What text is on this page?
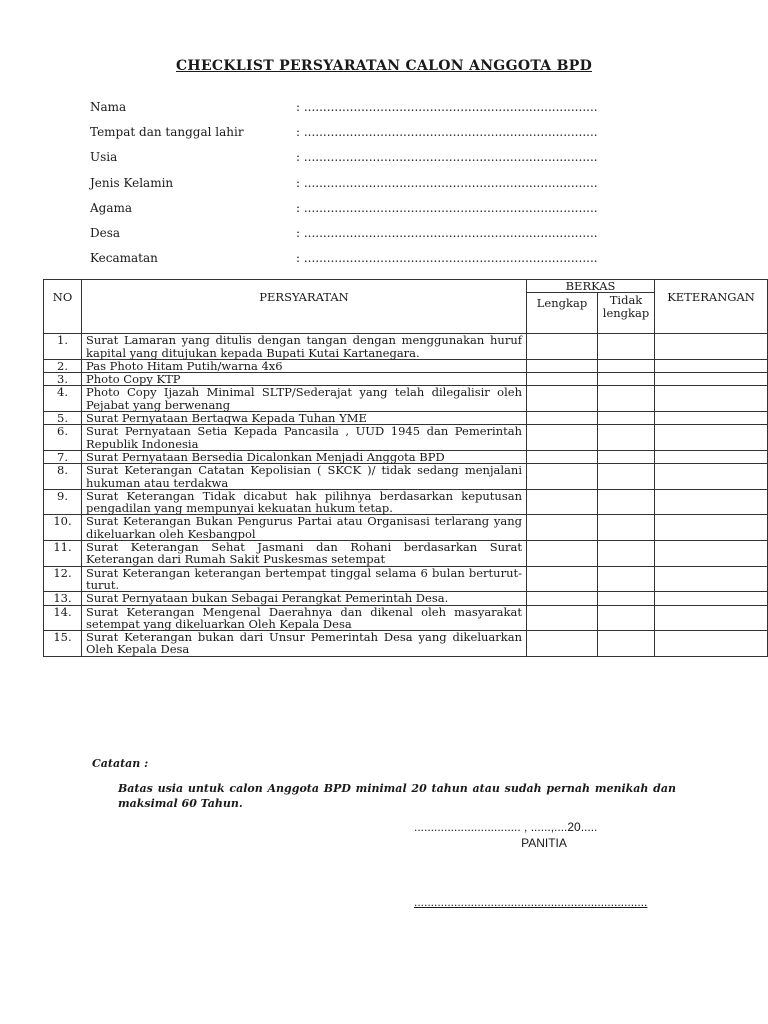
CHECKLIST PERSYARATAN CALON ANGGOTA BPD
Nama	: .............................................................................
Tempat dan tanggal lahir	: .............................................................................
Usia	: .............................................................................
Jenis Kelamin	: .............................................................................
Agama	: .............................................................................
Desa	: .............................................................................
Kecamatan	: .............................................................................
NO	PERSYARATAN	BERKAS		KETERANGAN
		Lengkap	Tidak lengkap	
1.	Surat Lamaran yang ditulis dengan tangan dengan menggunakan huruf kapital yang ditujukan kepada Bupati Kutai Kartanegara.			
2.	Pas Photo Hitam Putih/warna 4x6			
3.	Photo Copy KTP			
4.	Photo Copy Ijazah Minimal SLTP/Sederajat yang telah dilegalisir oleh Pejabat yang berwenang			
5.	Surat Pernyataan Bertaqwa Kepada Tuhan YME			
6.	Surat Pernyataan Setia Kepada Pancasila , UUD 1945 dan Pemerintah Republik Indonesia			
7.	Surat Pernyataan Bersedia Dicalonkan Menjadi Anggota BPD			
8.	Surat Keterangan Catatan Kepolisian ( SKCK )/ tidak sedang menjalani hukuman atau terdakwa			
9.	Surat Keterangan Tidak dicabut hak pilihnya berdasarkan keputusan pengadilan yang mempunyai kekuatan hukum tetap.			
10.	Surat Keterangan Bukan Pengurus Partai atau Organisasi terlarang yang dikeluarkan oleh Kesbangpol			
11.	Surat Keterangan Sehat Jasmani dan Rohani berdasarkan Surat Keterangan dari Rumah Sakit Puskesmas setempat			
12.	Surat Keterangan keterangan bertempat tinggal selama 6 bulan berturut-turut.			
13.	Surat Pernyataan bukan Sebagai Perangkat Pemerintah Desa.			
14.	Surat Keterangan Mengenal Daerahnya dan dikenal oleh masyarakat setempat yang dikeluarkan Oleh Kepala Desa			
15.	Surat Keterangan bukan dari Unsur Pemerintah Desa yang dikeluarkan Oleh Kepala Desa			
Catatan :
Batas usia untuk calon Anggota BPD minimal 20 tahun atau sudah pernah menikah dan maksimal 60 Tahun.
................................ , ......,....20.....
PANITIA
......................................................................
